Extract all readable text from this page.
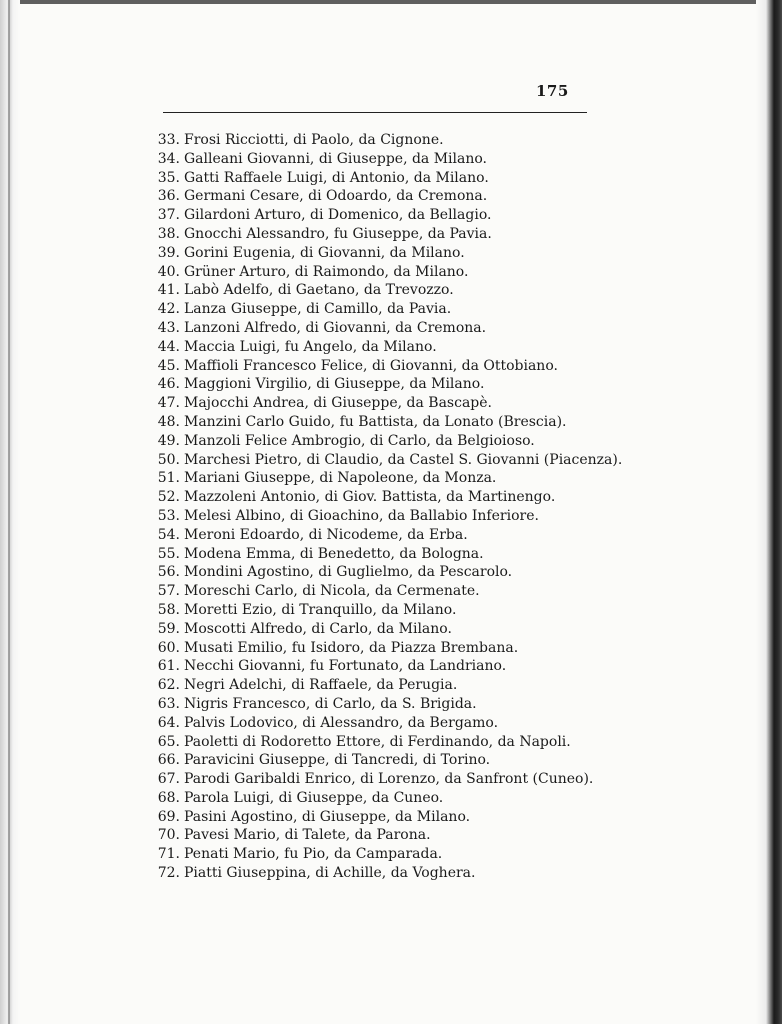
175
33. Frosi Ricciotti, di Paolo, da Cignone.
34. Galleani Giovanni, di Giuseppe, da Milano.
35. Gatti Raffaele Luigi, di Antonio, da Milano.
36. Germani Cesare, di Odoardo, da Cremona.
37. Gilardoni Arturo, di Domenico, da Bellagio.
38. Gnocchi Alessandro, fu Giuseppe, da Pavia.
39. Gorini Eugenia, di Giovanni, da Milano.
40. Grüner Arturo, di Raimondo, da Milano.
41. Labò Adelfo, di Gaetano, da Trevozzo.
42. Lanza Giuseppe, di Camillo, da Pavia.
43. Lanzoni Alfredo, di Giovanni, da Cremona.
44. Maccia Luigi, fu Angelo, da Milano.
45. Maffioli Francesco Felice, di Giovanni, da Ottobiano.
46. Maggioni Virgilio, di Giuseppe, da Milano.
47. Majocchi Andrea, di Giuseppe, da Bascapè.
48. Manzini Carlo Guido, fu Battista, da Lonato (Brescia).
49. Manzoli Felice Ambrogio, di Carlo, da Belgioioso.
50. Marchesi Pietro, di Claudio, da Castel S. Giovanni (Piacenza).
51. Mariani Giuseppe, di Napoleone, da Monza.
52. Mazzoleni Antonio, di Giov. Battista, da Martinengo.
53. Melesi Albino, di Gioachino, da Ballabio Inferiore.
54. Meroni Edoardo, di Nicodeme, da Erba.
55. Modena Emma, di Benedetto, da Bologna.
56. Mondini Agostino, di Guglielmo, da Pescarolo.
57. Moreschi Carlo, di Nicola, da Cermenate.
58. Moretti Ezio, di Tranquillo, da Milano.
59. Moscotti Alfredo, di Carlo, da Milano.
60. Musati Emilio, fu Isidoro, da Piazza Brembana.
61. Necchi Giovanni, fu Fortunato, da Landriano.
62. Negri Adelchi, di Raffaele, da Perugia.
63. Nigris Francesco, di Carlo, da S. Brigida.
64. Palvis Lodovico, di Alessandro, da Bergamo.
65. Paoletti di Rodoretto Ettore, di Ferdinando, da Napoli.
66. Paravicini Giuseppe, di Tancredi, di Torino.
67. Parodi Garibaldi Enrico, di Lorenzo, da Sanfront (Cuneo).
68. Parola Luigi, di Giuseppe, da Cuneo.
69. Pasini Agostino, di Giuseppe, da Milano.
70. Pavesi Mario, di Talete, da Parona.
71. Penati Mario, fu Pio, da Camparada.
72. Piatti Giuseppina, di Achille, da Voghera.
